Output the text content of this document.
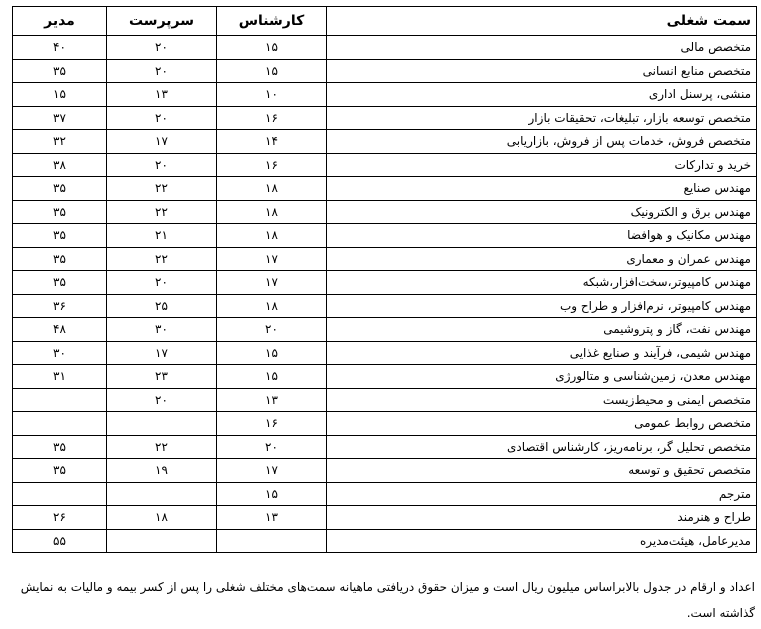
سمت شغلی	کارشناس	سرپرست	مدیر
متخصص مالی	۱۵	۲۰	۴۰
متخصص منابع انسانی	۱۵	۲۰	۳۵
منشی، پرسنل اداری	۱۰	۱۳	۱۵
متخصص توسعه بازار، تبلیغات، تحقیقات بازار	۱۶	۲۰	۳۷
متخصص فروش، خدمات پس از فروش، بازاریابی	۱۴	۱۷	۳۲
خرید و تدارکات	۱۶	۲۰	۳۸
مهندس صنایع	۱۸	۲۲	۳۵
مهندس برق و الکترونیک	۱۸	۲۲	۳۵
مهندس مکانیک و هوافضا	۱۸	۲۱	۳۵
مهندس عمران و معماری	۱۷	۲۲	۳۵
مهندس کامپیوتر،سخت‌افزار،شبکه	۱۷	۲۰	۳۵
مهندس کامپیوتر، نرم‌افزار و طراح وب	۱۸	۲۵	۳۶
مهندس نفت، گاز و پتروشیمی	۲۰	۳۰	۴۸
مهندس شیمی، فرآیند و صنایع غذایی	۱۵	۱۷	۳۰
مهندس معدن، زمین‌شناسی و متالورژی	۱۵	۲۳	۳۱
متخصص ایمنی و محیط‌زیست	۱۳	۲۰	
متخصص روابط عمومی	۱۶		
متخصص تحلیل گر، برنامه‌ریز، کارشناس اقتصادی	۲۰	۲۲	۳۵
متخصص تحقیق و توسعه	۱۷	۱۹	۳۵
مترجم	۱۵		
طراح و هنرمند	۱۳	۱۸	۲۶
مدیرعامل، هیئت‌مدیره			۵۵
اعداد و ارقام در جدول بالابراساس میلیون ریال است و میزان حقوق دریافتی ماهیانه سمت‌های مختلف شغلی را پس از کسر بیمه و مالیات به نمایش گذاشته است.
